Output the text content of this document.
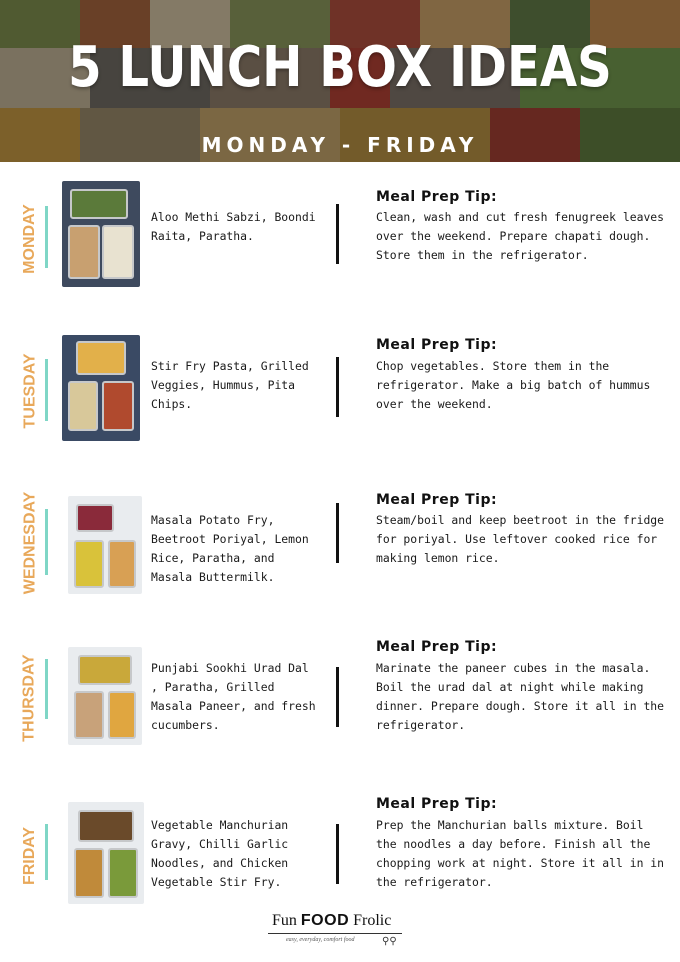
5 LUNCH BOX IDEAS
MONDAY - FRIDAY
MONDAY	Aloo Methi Sabzi, Boondi Raita, Paratha.
Meal Prep Tip:
Clean, wash and cut fresh fenugreek leaves over the weekend. Prepare chapati dough. Store them in the refrigerator.
TUESDAY	Stir Fry Pasta, Grilled Veggies, Hummus, Pita Chips.
Meal Prep Tip:
Chop vegetables. Store them in the refrigerator. Make a big batch of hummus over the weekend.
WEDNESDAY	Masala Potato Fry, Beetroot Poriyal, Lemon Rice, Paratha, and Masala Buttermilk.
Meal Prep Tip:
Steam/boil and keep beetroot in the fridge for poriyal. Use leftover cooked rice for making lemon rice.
THURSDAY	Punjabi Sookhi Urad Dal , Paratha, Grilled Masala Paneer, and fresh cucumbers.
Meal Prep Tip:
Marinate the paneer cubes in the masala. Boil the urad dal at night while making dinner. Prepare dough. Store it all in the refrigerator.
FRIDAY
Vegetable Manchurian Gravy, Chilli Garlic Noodles, and Chicken Vegetable Stir Fry.
Meal Prep Tip:
Prep the Manchurian balls mixture. Boil the noodles a day before. Finish all the chopping work at night. Store it all in in the refrigerator.
Fun FOOD Frolic
easy, everyday, comfort food	⚲⚲
